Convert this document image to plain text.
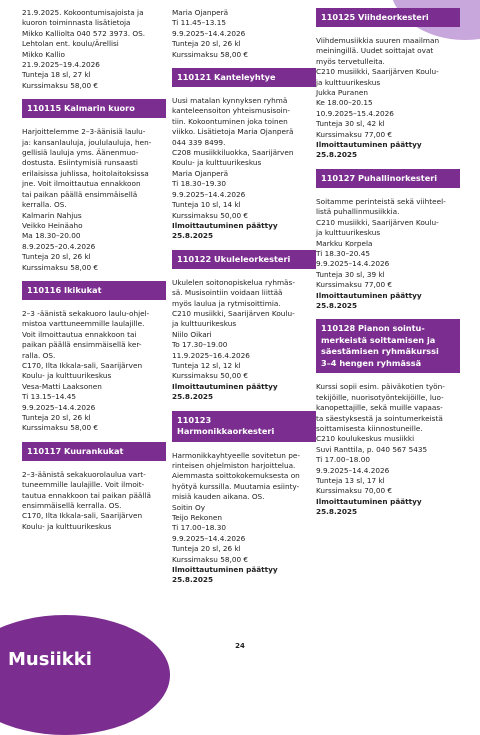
21.9.2025. Kokoontumisajoista ja

kuoron toiminnasta lisätietoja

Mikko Kalliolta 040 572 3973. OS.

Lehtolan ent. koulu/Ärellisi

Mikko Kallio

21.9.2025–19.4.2026

Tunteja 18 sl, 27 kl

Kurssimaksu 58,00 €

110115 Kalmarin kuoro

Harjoittelemme 2–3-äänisiä laulu-

ja: kansanlauluja, joululauluja, hen-

gellisiä lauluja yms. Äänenmuo-

dostusta. Esiintymisiä runsaasti

erilaisissa juhlissa, hoitolaitoksissa

jne. Voit ilmoittautua ennakkoon

tai paikan päällä ensimmäisellä

kerralla. OS.

Kalmarin Nahjus

Veikko Heinäaho

Ma 18.30–20.00

8.9.2025–20.4.2026

Tunteja 20 sl, 26 kl

Kurssimaksu 58,00 €

110116 Ikikukat

2–3 -äänistä sekakuoro laulu-ohjel-

mistoa varttuneemmille laulajille.

Voit ilmoittautua ennakkoon tai

paikan päällä ensimmäisellä ker-

ralla. OS.

C170, Ilta Ikkala-sali, Saarijärven

Koulu- ja kulttuurikeskus

Vesa-Matti Laaksonen

Ti 13.15–14.45

9.9.2025–14.4.2026

Tunteja 20 sl, 26 kl

Kurssimaksu 58,00 €

110117 Kuurankukat

2–3-äänistä sekakuorolaulua vart-

tuneemmille laulajille. Voit ilmoit-

tautua ennakkoon tai paikan päällä

ensimmäisellä kerralla. OS.

C170, Ilta Ikkala-sali, Saarijärven

Koulu- ja kulttuurikeskus

Maria Ojanperä

Ti 11.45–13.15

9.9.2025–14.4.2026

Tunteja 20 sl, 26 kl

Kurssimaksu 58,00 €

110121 Kanteleyhtye

Uusi matalan kynnyksen ryhmä

kanteleensoiton yhteismusisoin-

tiin. Kokoontuminen joka toinen

viikko. Lisätietoja Maria Ojanperä

044 339 8499.

C208 musiikkiluokka, Saarijärven

Koulu- ja kulttuurikeskus

Maria Ojanperä

Ti 18.30–19.30

9.9.2025–14.4.2026

Tunteja 10 sl, 14 kl

Kurssimaksu 50,00 €

Ilmoittautuminen päättyy

25.8.2025

110122 Ukuleleorkesteri

Ukulelen soitonopiskelua ryhmäs-

sä. Musisointiin voidaan liittää

myös laulua ja rytmisoittimia.

C210 musiikki, Saarijärven Koulu-

ja kulttuurikeskus

Niilo Oikari

To 17.30–19.00

11.9.2025–16.4.2026

Tunteja 12 sl, 12 kl

Kurssimaksu 50,00 €

Ilmoittautuminen päättyy

25.8.2025

110123
Harmonikkaorkesteri

Harmonikkayhtyeelle sovitetun pe-

rinteisen ohjelmiston harjoittelua.

Aiemmasta soittokokemuksesta on

hyötyä kurssilla. Muutamia esiinty-

misiä kauden aikana. OS.

Soitin Oy

Teijo Rekonen

Ti 17.00–18.30

9.9.2025–14.4.2026

Tunteja 20 sl, 26 kl

Kurssimaksu 58,00 €

Ilmoittautuminen päättyy

25.8.2025

110125 Viihdeorkesteri

Viihdemusiikkia suuren maailman

meiningillä. Uudet soittajat ovat

myös tervetulleita.

C210 musiikki, Saarijärven Koulu-

ja kulttuurikeskus

Jukka Puranen

Ke 18.00–20.15

10.9.2025–15.4.2026

Tunteja 30 sl, 42 kl

Kurssimaksu 77,00 €

Ilmoittautuminen päättyy

25.8.2025

110127 Puhallinorkesteri

Soitamme perinteistä sekä viihteel-

listä puhallinmusiikkia.

C210 musiikki, Saarijärven Koulu-

ja kulttuurikeskus

Markku Korpela

Ti 18.30–20.45

9.9.2025–14.4.2026

Tunteja 30 sl, 39 kl

Kurssimaksu 77,00 €

Ilmoittautuminen päättyy

25.8.2025

110128 Pianon sointu-
merkeistä soittamisen ja
säestämisen ryhmäkurssi
3–4 hengen ryhmässä

Kurssi sopii esim. päiväkotien työn-

tekijöille, nuorisotyöntekijöille, luo-

kanopettajille, sekä muille vapaas-

ta säestyksestä ja sointumerkeistä

soittamisesta kiinnostuneille.

C210 koulukeskus musiikki

Suvi Ranttila, p. 040 567 5435

Ti 17.00–18.00

9.9.2025–14.4.2026

Tunteja 13 sl, 17 kl

Kurssimaksu 70,00 €

Ilmoittautuminen päättyy

25.8.2025

Musiikki
24
